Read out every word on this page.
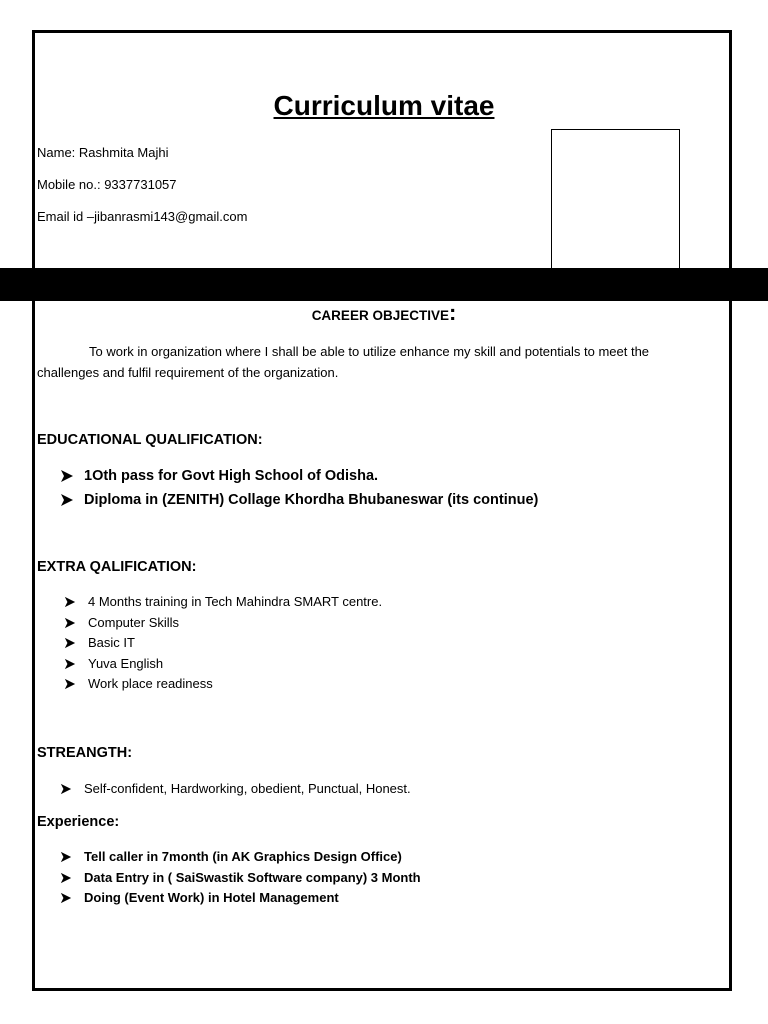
Curriculum vitae
Name: Rashmita Majhi
Mobile no.: 9337731057
Email id –jibanrasmi143@gmail.com
CAREER OBJECTIVE:
To work in organization where I shall be able to utilize enhance my skill and potentials to meet the challenges and fulfil requirement of the organization.
EDUCATIONAL QUALIFICATION:
1Oth pass for Govt High School of Odisha.
Diploma in (ZENITH) Collage Khordha Bhubaneswar (its continue)
EXTRA QALIFICATION:
4 Months training in Tech Mahindra SMART centre.
Computer Skills
Basic IT
Yuva English
Work place readiness
STREANGTH:
Self-confident, Hardworking, obedient, Punctual, Honest.
Experience:
Tell caller in 7month (in AK Graphics Design Office)
Data Entry in ( SaiSwastik Software company) 3 Month
Doing (Event Work) in Hotel Management
